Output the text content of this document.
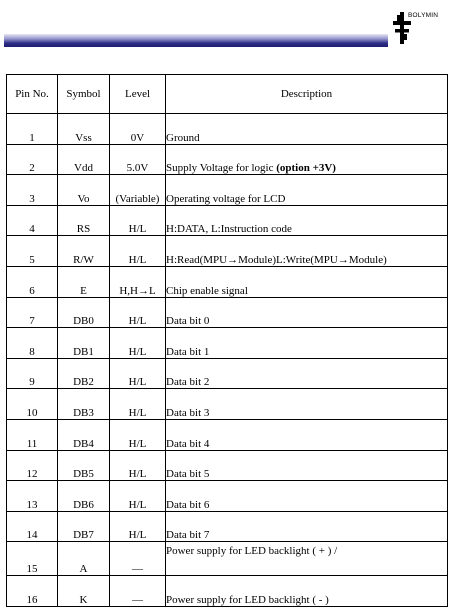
BOLYMIN
Pin No.	Symbol	Level	Description
1	Vss	0V	Ground
2	Vdd	5.0V	Supply Voltage for logic (option +3V)
3	Vo	(Variable)	Operating voltage for LCD
4	RS	H/L	H:DATA, L:Instruction code
5	R/W	H/L	H:Read(MPU→Module)L:Write(MPU→Module)
6	E	H,H→L	Chip enable signal
7	DB0	H/L	Data bit 0
8	DB1	H/L	Data bit 1
9	DB2	H/L	Data bit 2
10	DB3	H/L	Data bit 3
11	DB4	H/L	Data bit 4
12	DB5	H/L	Data bit 5
13	DB6	H/L	Data bit 6
14	DB7	H/L	Data bit 7
15	A	—	Power supply for LED backlight ( + ) /
16	K	—	Power supply for LED backlight ( - )
